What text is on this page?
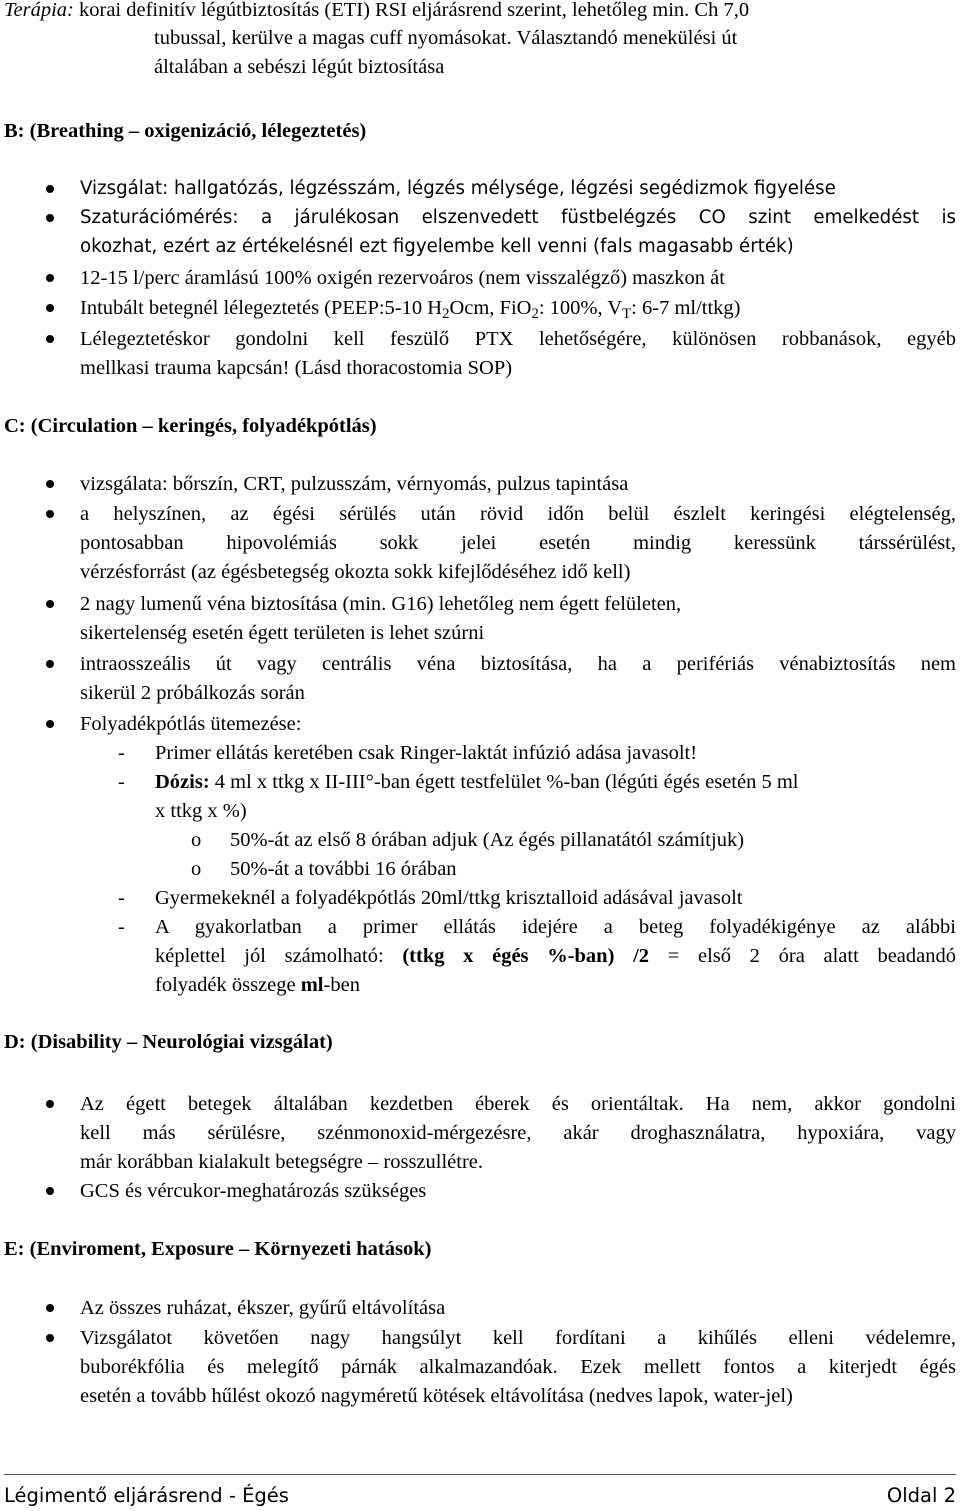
Terápia: korai definitív légútbiztosítás (ETI) RSI eljárásrend szerint, lehetőleg min. Ch 7,0
tubussal, kerülve a magas cuff nyomásokat. Választandó menekülési út
általában a sebészi légút biztosítása
B: (Breathing – oxigenizáció, lélegeztetés)
Vizsgálat: hallgatózás, légzésszám, légzés mélysége, légzési segédizmok figyelése
Szaturációmérés: a járulékosan elszenvedett füstbelégzés CO szint emelkedést is
okozhat, ezért az értékelésnél ezt figyelembe kell venni (fals magasabb érték)
12-15 l/perc áramlású 100% oxigén rezervoáros (nem visszalégző) maszkon át
Intubált betegnél lélegeztetés (PEEP:5-10 $H_2Ocm$, FiO$_2$: 100%, $V_T$: 6-7 ml/ttkg)
Lélegeztetéskor gondolni kell feszülő PTX lehetőségére, különösen robbanások, egyéb
mellkasi trauma kapcsán! (Lásd thoracostomia SOP)
C: (Circulation – keringés, folyadékpótlás)
vizsgálata: bőrszín, CRT, pulzusszám, vérnyomás, pulzus tapintása
a helyszínen, az égési sérülés után rövid időn belül észlelt keringési elégtelenség,
pontosabban hipovolémiás sokk jelei esetén mindig keressünk társsérülést,
vérzésforrást (az égésbetegség okozta sokk kifejlődéséhez idő kell)
2 nagy lumenű véna biztosítása (min. G16) lehetőleg nem égett felületen,
sikertelenség esetén égett területen is lehet szúrni
intraosszeális út vagy centrális véna biztosítása, ha a perifériás vénabiztosítás nem
sikerül 2 próbálkozás során
Folyadékpótlás ütemezése:
- Primer ellátás keretében csak Ringer-laktát infúzió adása javasolt!
- Dózis: 4 ml x ttkg x II-III°-ban égett testfelület %-ban (légúti égés esetén 5 ml
x ttkg x %)
o 50%-át az első 8 órában adjuk (Az égés pillanatától számítjuk)
o 50%-át a további 16 órában
- Gyermekeknél a folyadékpótlás 20ml/ttkg krisztalloid adásával javasolt
- A gyakorlatban a primer ellátás idejére a beteg folyadékigénye az alábbi
képlettel jól számolható: (ttkg x égés %-ban) /2 = első 2 óra alatt beadandó
folyadék összege ml-ben
D: (Disability – Neurológiai vizsgálat)
Az égett betegek általában kezdetben éberek és orientáltak. Ha nem, akkor gondolni
kell más sérülésre, szénmonoxid-mérgezésre, akár droghasználatra, hypoxiára, vagy
már korábban kialakult betegségre – rosszullétre.
GCS és vércukor-meghatározás szükséges
E: (Enviroment, Exposure – Környezeti hatások)
Az összes ruházat, ékszer, gyűrű eltávolítása
Vizsgálatot követően nagy hangsúlyt kell fordítani a kihűlés elleni védelemre,
buborékfólia és melegítő párnák alkalmazandóak. Ezek mellett fontos a kiterjedt égés
esetén a tovább hűlést okozó nagyméretű kötések eltávolítása (nedves lapok, water-jel)
Légimentő eljárásrend - Égés	Oldal 2
